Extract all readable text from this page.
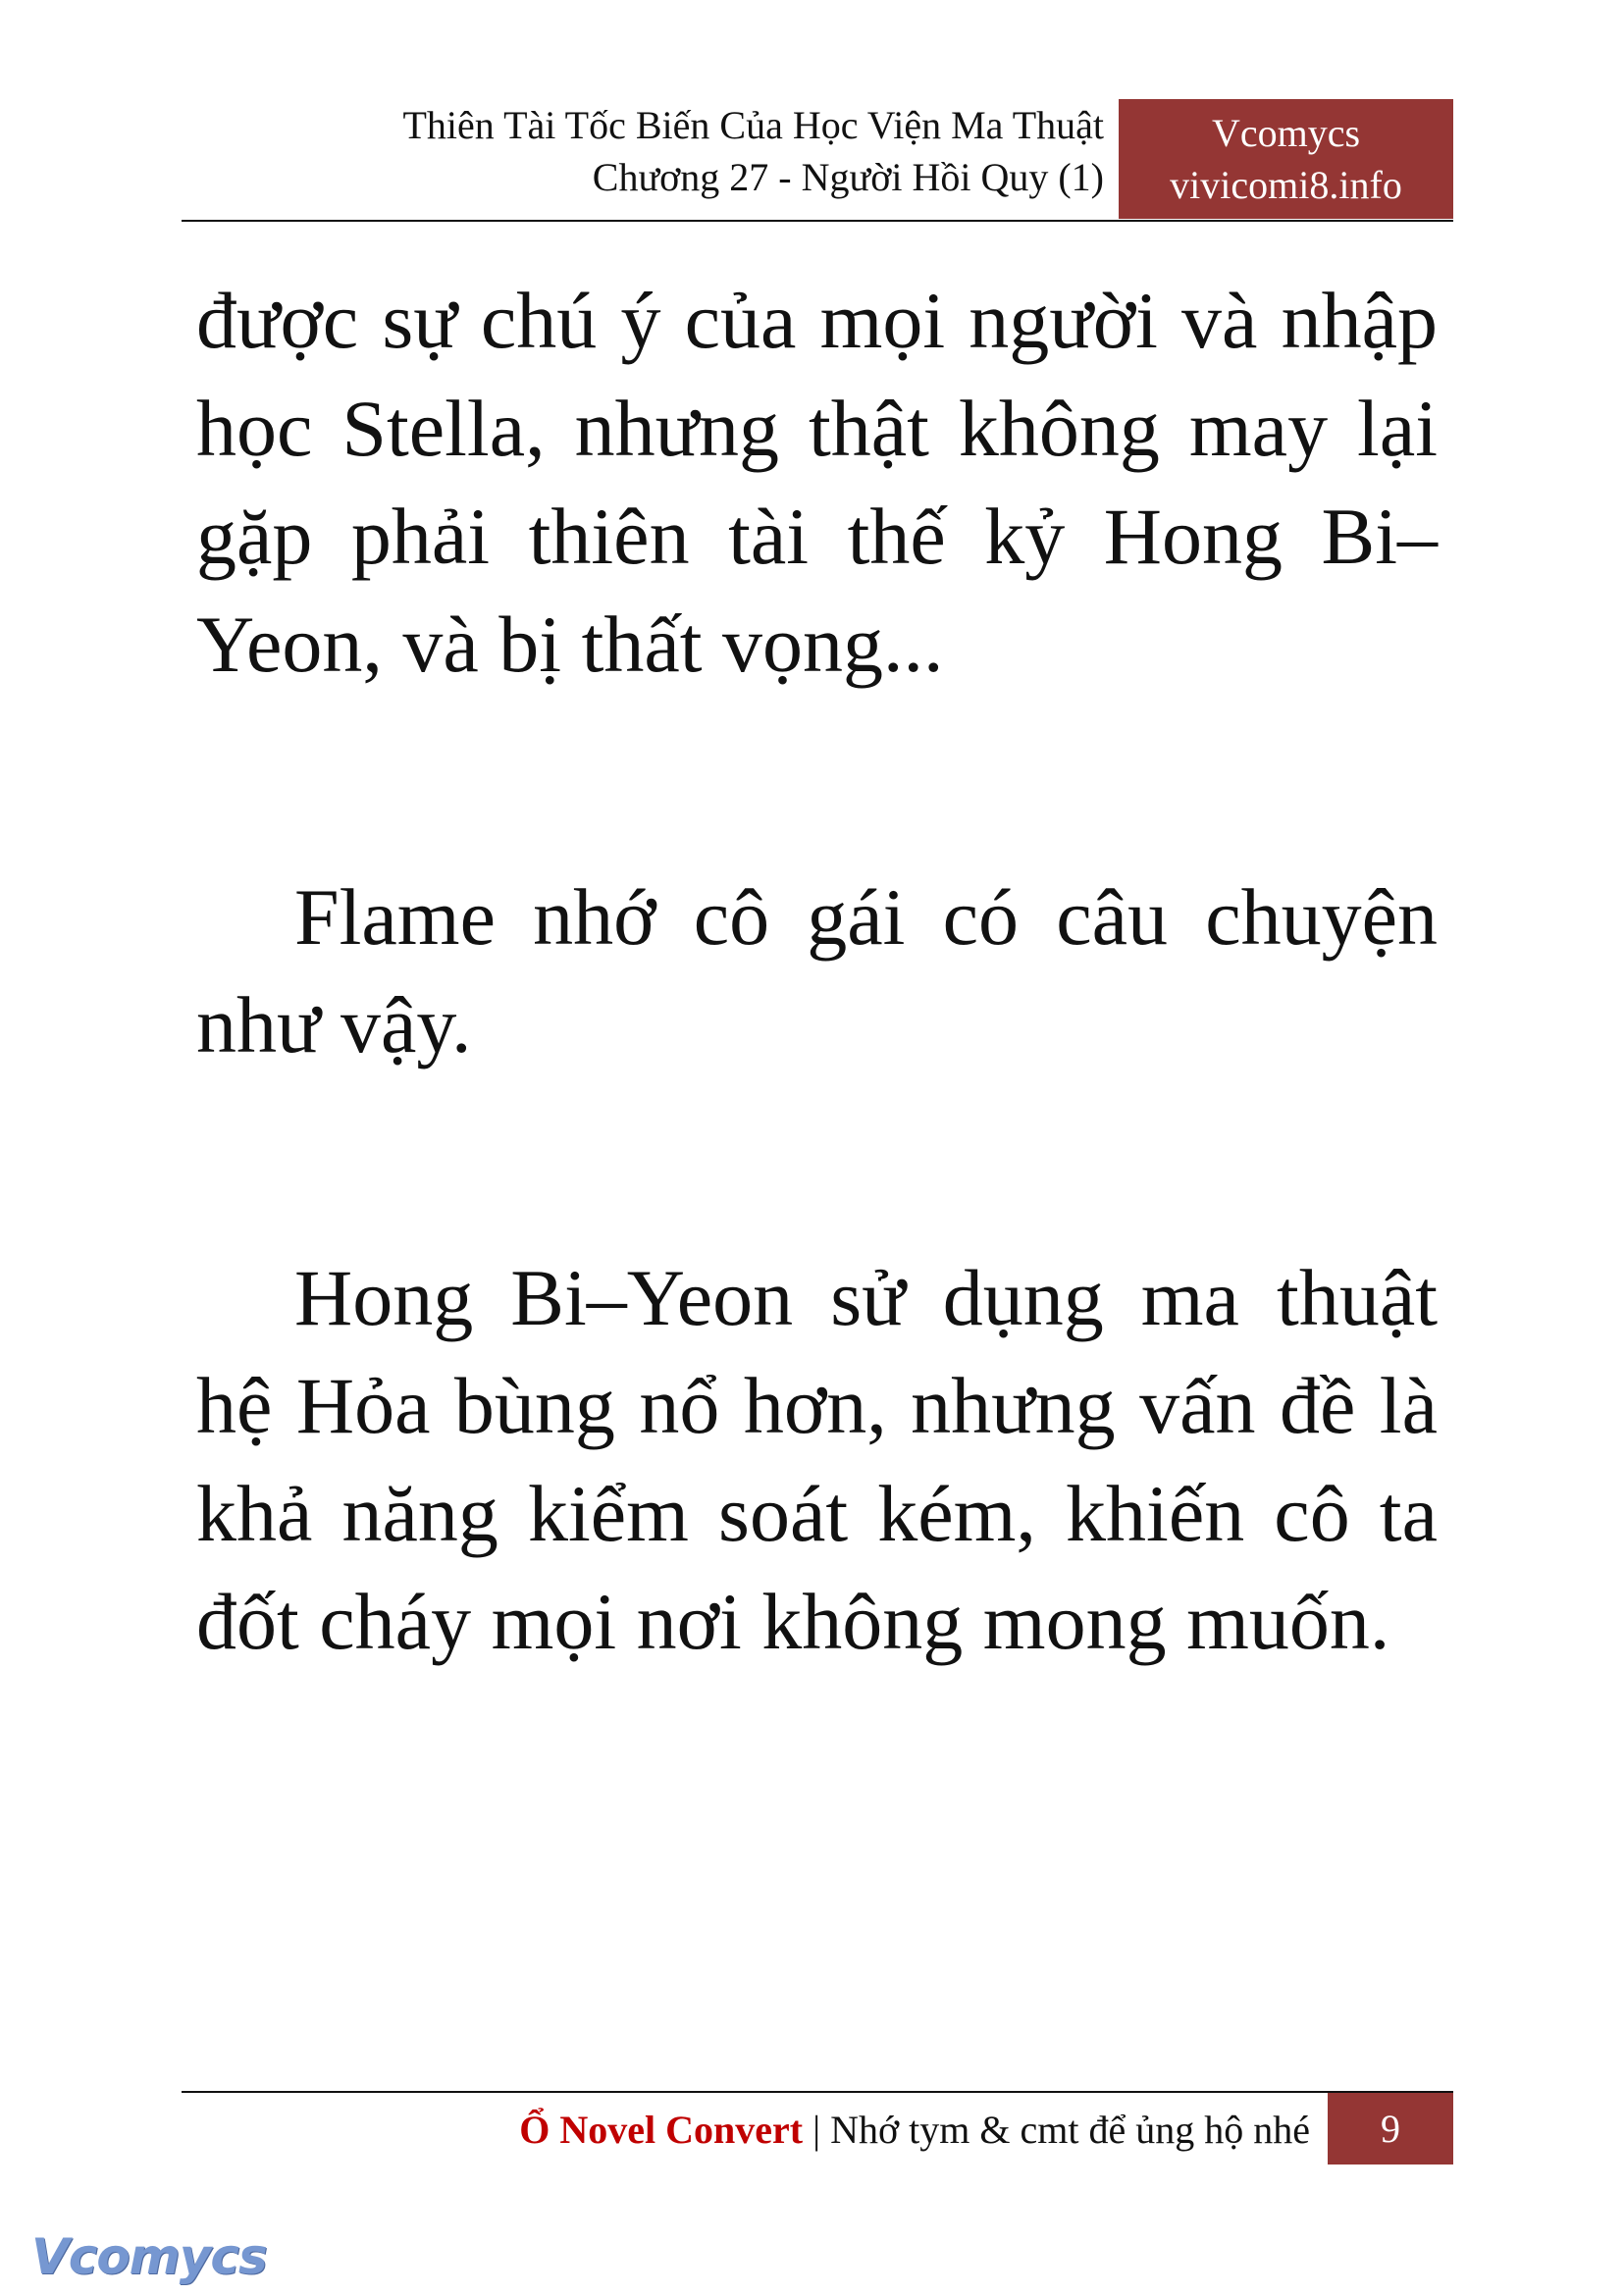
Thiên Tài Tốc Biến Của Học Viện Ma Thuật
Chương 27 - Người Hồi Quy (1)
Vcomycs
vivicomi8.info

được sự chú ý của mọi người và nhập học Stella, nhưng thật không may lại gặp phải thiên tài thế kỷ Hong Bi–Yeon, và bị thất vọng...

Flame nhớ cô gái có câu chuyện như vậy.

Hong Bi–Yeon sử dụng ma thuật hệ Hỏa bùng nổ hơn, nhưng vấn đề là khả năng kiểm soát kém, khiến cô ta đốt cháy mọi nơi không mong muốn.

Ổ Novel Convert | Nhớ tym & cmt để ủng hộ nhé	9
Vcomycs
